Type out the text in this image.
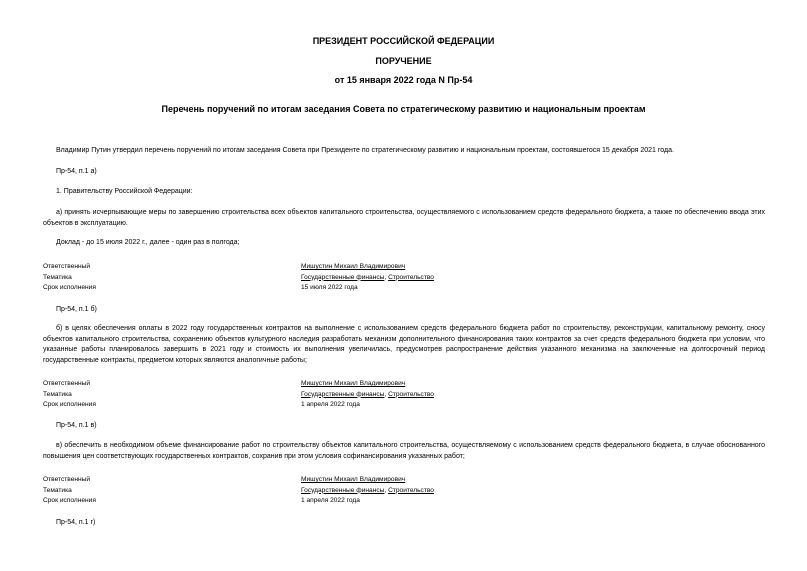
ПРЕЗИДЕНТ РОССИЙСКОЙ ФЕДЕРАЦИИ
ПОРУЧЕНИЕ
от 15 января 2022 года N Пр-54
Перечень поручений по итогам заседания Совета по стратегическому развитию и национальным проектам
Владимир Путин утвердил перечень поручений по итогам заседания Совета при Президенте по стратегическому развитию и национальным проектам, состоявшегося 15 декабря 2021 года.
Пр-54, п.1 а)
1. Правительству Российской Федерации:
а) принять исчерпывающие меры по завершению строительства всех объектов капитального строительства, осуществляемого с использованием средств федерального бюджета, а также по обеспечению ввода этих объектов в эксплуатацию.
Доклад - до 15 июля 2022 г., далее - один раз в полгода;
Ответственный	Мишустин Михаил Владимирович
Тематика	Государственные финансы, Строительство
Срок исполнения	15 июля 2022 года
Пр-54, п.1 б)
б) в целях обеспечения оплаты в 2022 году государственных контрактов на выполнение с использованием средств федерального бюджета работ по строительству, реконструкции, капитальному ремонту, сносу объектов капитального строительства, сохранению объектов культурного наследия разработать механизм дополнительного финансирования таких контрактов за счет средств федерального бюджета при условии, что указанные работы планировалось завершить в 2021 году и стоимость их выполнения увеличилась, предусмотрев распространение действия указанного механизма на заключенные на долгосрочный период государственные контракты, предметом которых являются аналогичные работы;
Ответственный	Мишустин Михаил Владимирович
Тематика	Государственные финансы, Строительство
Срок исполнения	1 апреля 2022 года
Пр-54, п.1 в)
в) обеспечить в необходимом объеме финансирование работ по строительству объектов капитального строительства, осуществляемому с использованием средств федерального бюджета, в случае обоснованного повышения цен соответствующих государственных контрактов, сохранив при этом условия софинансирования указанных работ;
Ответственный	Мишустин Михаил Владимирович
Тематика	Государственные финансы, Строительство
Срок исполнения	1 апреля 2022 года
Пр-54, п.1 г)
